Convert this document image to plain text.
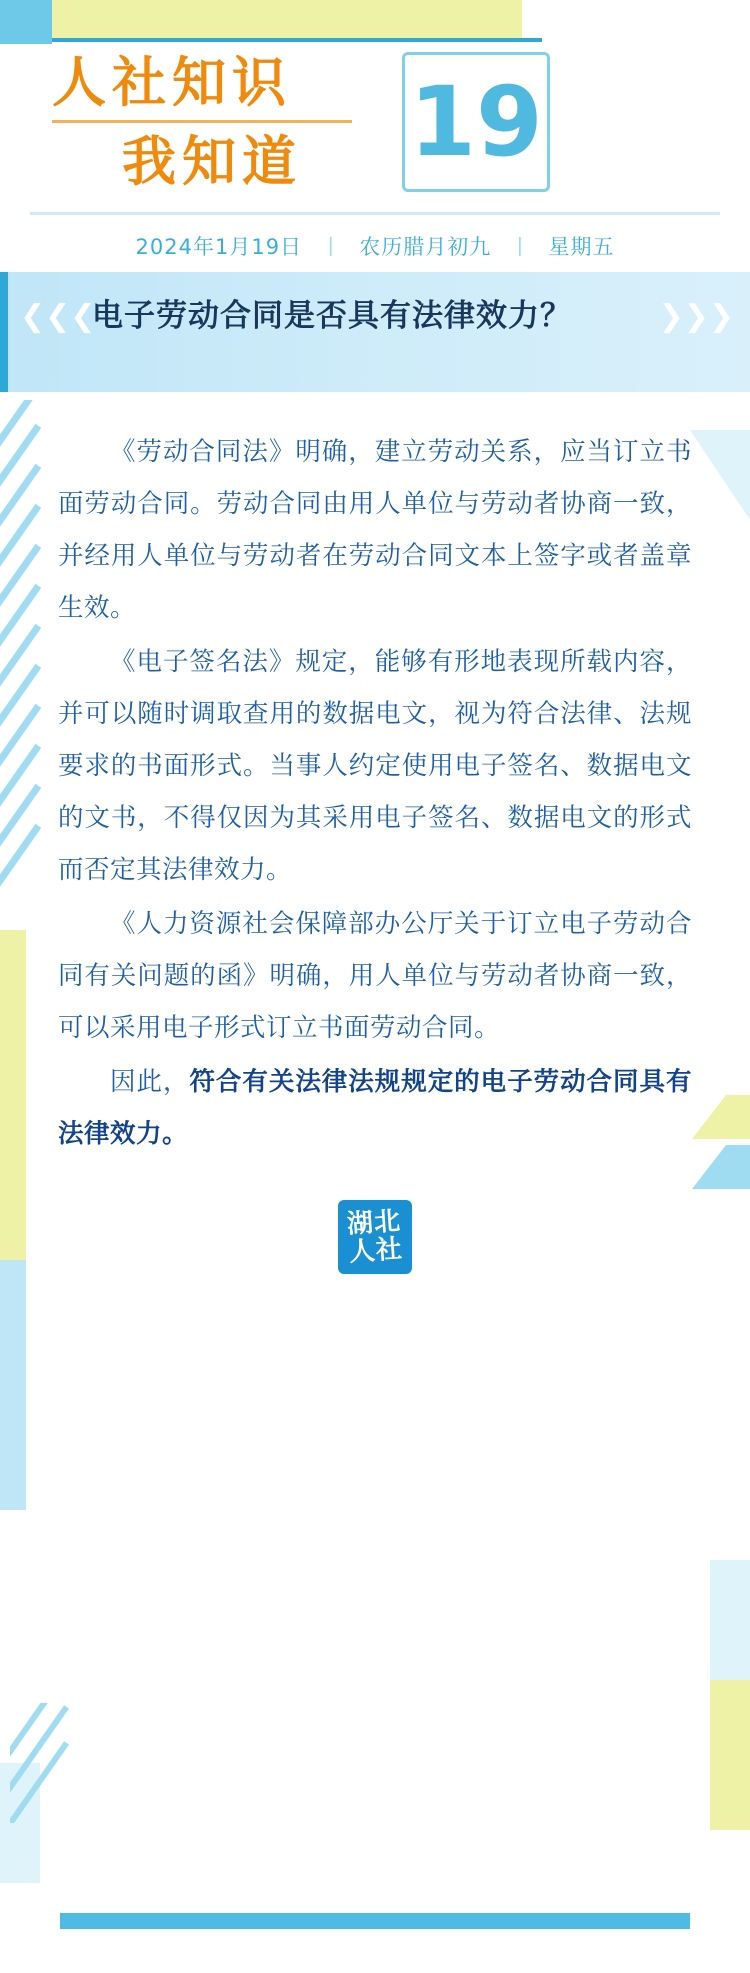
人社知识
我知道	19
2024年1月19日 | 农历腊月初九 | 星期五
❮❮❮	❯❯❯
电子劳动合同是否具有法律效力？
《劳动合同法》明确，建立劳动关系，应当订立书面劳动合同。劳动合同由用人单位与劳动者协商一致，并经用人单位与劳动者在劳动合同文本上签字或者盖章生效。
《电子签名法》规定，能够有形地表现所载内容，并可以随时调取查用的数据电文，视为符合法律、法规要求的书面形式。当事人约定使用电子签名、数据电文的文书，不得仅因为其采用电子签名、数据电文的形式而否定其法律效力。
《人力资源社会保障部办公厅关于订立电子劳动合同有关问题的函》明确，用人单位与劳动者协商一致，可以采用电子形式订立书面劳动合同。
因此，符合有关法律法规规定的电子劳动合同具有法律效力。
湖北
人社
